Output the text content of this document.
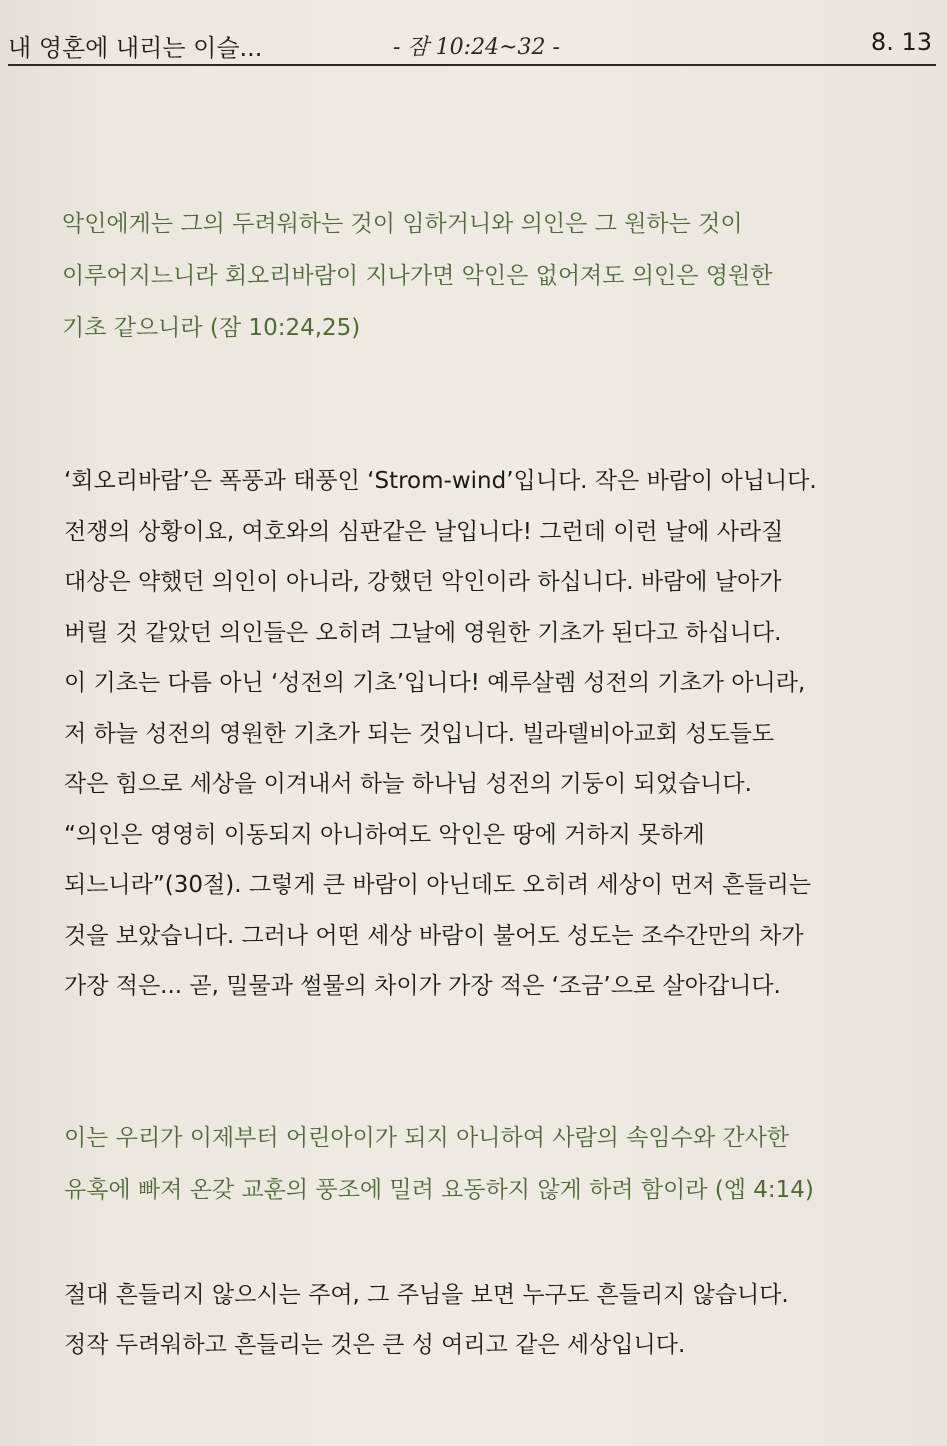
내 영혼에 내리는 이슬...	- 잠 10:24~32 -	8. 13
악인에게는 그의 두려워하는 것이 임하거니와 의인은 그 원하는 것이
이루어지느니라 회오리바람이 지나가면 악인은 없어져도 의인은 영원한
기초 같으니라 (잠 10:24,25)
‘회오리바람’은 폭풍과 태풍인 ‘Strom-wind’입니다. 작은 바람이 아닙니다.
전쟁의 상황이요, 여호와의 심판같은 날입니다! 그런데 이런 날에 사라질
대상은 약했던 의인이 아니라, 강했던 악인이라 하십니다. 바람에 날아가
버릴 것 같았던 의인들은 오히려 그날에 영원한 기초가 된다고 하십니다.
이 기초는 다름 아닌 ‘성전의 기초’입니다! 예루살렘 성전의 기초가 아니라,
저 하늘 성전의 영원한 기초가 되는 것입니다. 빌라델비아교회 성도들도
작은 힘으로 세상을 이겨내서 하늘 하나님 성전의 기둥이 되었습니다.
“의인은 영영히 이동되지 아니하여도 악인은 땅에 거하지 못하게
되느니라”(30절). 그렇게 큰 바람이 아닌데도 오히려 세상이 먼저 흔들리는
것을 보았습니다. 그러나 어떤 세상 바람이 불어도 성도는 조수간만의 차가
가장 적은... 곧, 밀물과 썰물의 차이가 가장 적은 ‘조금’으로 살아갑니다.
이는 우리가 이제부터 어린아이가 되지 아니하여 사람의 속임수와 간사한
유혹에 빠져 온갖 교훈의 풍조에 밀려 요동하지 않게 하려 함이라 (엡 4:14)
절대 흔들리지 않으시는 주여, 그 주님을 보면 누구도 흔들리지 않습니다.
정작 두려워하고 흔들리는 것은 큰 성 여리고 같은 세상입니다.
